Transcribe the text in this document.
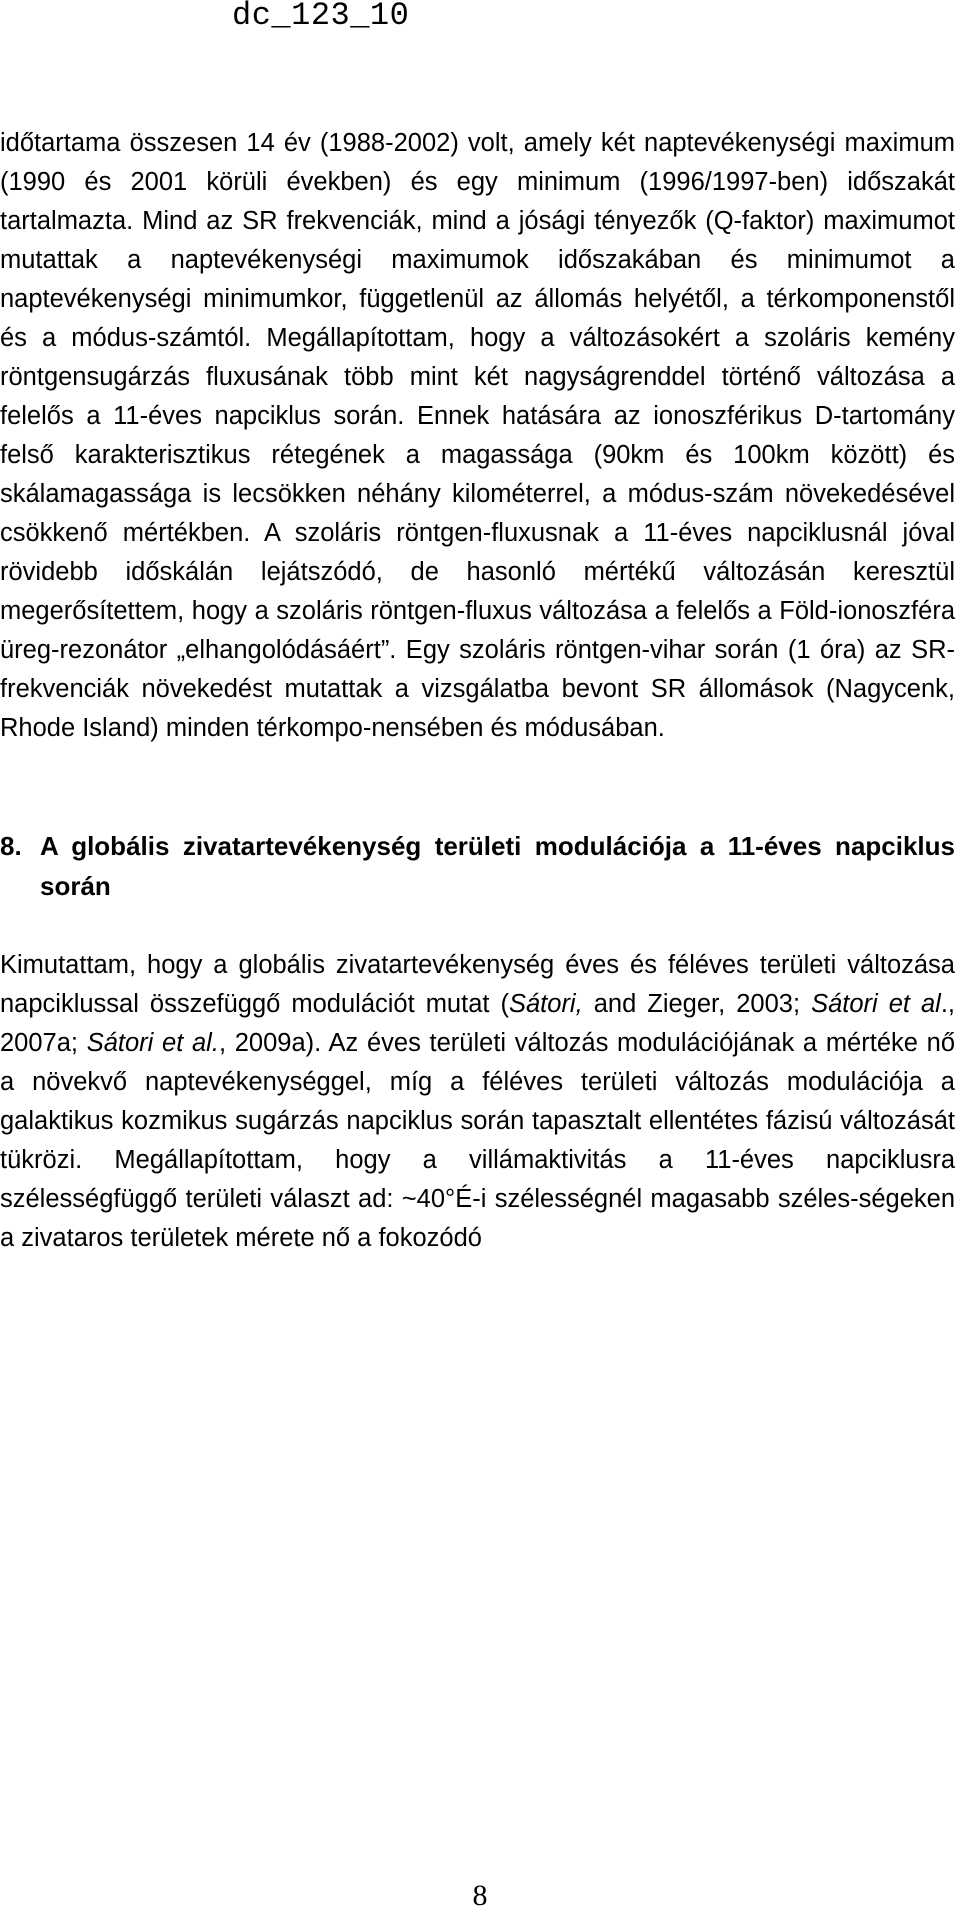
dc_123_10

időtartama összesen 14 év (1988-2002) volt, amely két naptevékenységi maximum (1990 és 2001 körüli években) és egy minimum (1996/1997-ben) időszakát tartalmazta. Mind az SR frekvenciák, mind a jósági tényezők (Q-faktor) maximumot mutattak a naptevékenységi maximumok időszakában és minimumot a naptevékenységi minimumkor, függetlenül az állomás helyétől, a térkomponenstől és a módus-számtól. Megállapítottam, hogy a változásokért a szoláris kemény röntgensugárzás fluxusának több mint két nagyságrenddel történő változása a felelős a 11-éves napciklus során. Ennek hatására az ionoszférikus D-tartomány felső karakterisztikus rétegének a magassága (90km és 100km között) és skálamagassága is lecsökken néhány kilométerrel, a módus-szám növekedésével csökkenő mértékben. A szoláris röntgen-fluxusnak a 11-éves napciklusnál jóval rövidebb időskálán lejátszódó, de hasonló mértékű változásán keresztül megerősítettem, hogy a szoláris röntgen-fluxus változása a felelős a Föld-ionoszféra üreg-rezonátor „elhangolódásáért”. Egy szoláris röntgen-vihar során (1 óra) az SR-frekvenciák növekedést mutattak a vizsgálatba bevont SR állomások (Nagycenk, Rhode Island) minden térkompo-nensében és módusában.

8. A globális zivatartevékenység területi modulációja a 11-éves napciklus során

Kimutattam, hogy a globális zivatartevékenység éves és féléves területi változása napciklussal összefüggő modulációt mutat (Sátori, and Zieger, 2003; Sátori et al., 2007a; Sátori et al., 2009a). Az éves területi változás modulációjának a mértéke nő a növekvő naptevékenységgel, míg a féléves területi változás modulációja a galaktikus kozmikus sugárzás napciklus során tapasztalt ellentétes fázisú változását tükrözi. Megállapítottam, hogy a villámaktivitás a 11-éves napciklusra szélességfüggő területi választ ad: ~40°É-i szélességnél magasabb széles-ségeken a zivataros területek mérete nő a fokozódó

8
